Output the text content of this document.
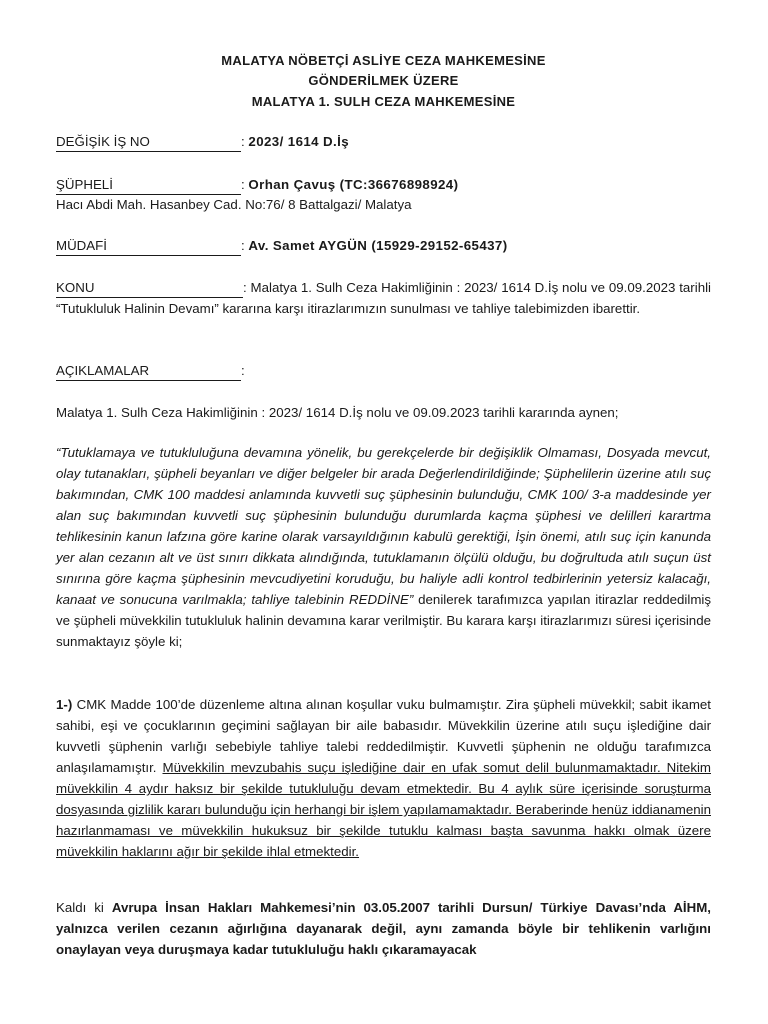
MALATYA NÖBETÇİ ASLİYE CEZA MAHKEMESİNE
GÖNDERİLMEK ÜZERE
MALATYA 1. SULH CEZA MAHKEMESİNE
DEĞİŞİK İŞ NO	: 2023/ 1614 D.İş
ŞÜPHELİ	: Orhan Çavuş (TC:36676898924)
Hacı Abdi Mah. Hasanbey Cad. No:76/ 8 Battalgazi/ Malatya
MÜDAFİ	: Av. Samet AYGÜN (15929-29152-65437)
KONU	: Malatya 1. Sulh Ceza Hakimliğinin : 2023/ 1614 D.İş nolu ve 09.09.2023 tarihli “Tutukluluk Halinin Devamı” kararına karşı itirazlarımızın sunulması ve tahliye talebimizden ibarettir.
AÇIKLAMALAR	:
Malatya 1. Sulh Ceza Hakimliğinin : 2023/ 1614 D.İş nolu ve 09.09.2023 tarihli kararında aynen;
“Tutuklamaya ve tutukluluğuna devamına yönelik, bu gerekçelerde bir değişiklik Olmaması, Dosyada mevcut, olay tutanakları, şüpheli beyanları ve diğer belgeler bir arada Değerlendirildiğinde; Şüphelilerin üzerine atılı suç bakımından, CMK 100 maddesi anlamında kuvvetli suç şüphesinin bulunduğu, CMK 100/ 3-a maddesinde yer alan suç bakımından kuvvetli suç şüphesinin bulunduğu durumlarda kaçma şüphesi ve delilleri karartma tehlikesinin kanun lafzına göre karine olarak varsayıldığının kabulü gerektiği, İşin önemi, atılı suç için kanunda yer alan cezanın alt ve üst sınırı dikkata alındığında, tutuklamanın ölçülü olduğu, bu doğrultuda atılı suçun üst sınırına göre kaçma şüphesinin mevcudiyetini koruduğu, bu haliyle adli kontrol tedbirlerinin yetersiz kalacağı, kanaat ve sonucuna varılmakla; tahliye talebinin REDDİNE” denilerek tarafımızca yapılan itirazlar reddedilmiş ve şüpheli müvekkilin tutukluluk halinin devamına karar verilmiştir. Bu karara karşı itirazlarımızı süresi içerisinde sunmaktayız şöyle ki;
1-) CMK Madde 100’de düzenleme altına alınan koşullar vuku bulmamıştır. Zira şüpheli müvekkil; sabit ikamet sahibi, eşi ve çocuklarının geçimini sağlayan bir aile babasıdır. Müvekkilin üzerine atılı suçu işlediğine dair kuvvetli şüphenin varlığı sebebiyle tahliye talebi reddedilmiştir. Kuvvetli şüphenin ne olduğu tarafımızca anlaşılamamıştır. Müvekkilin mevzubahis suçu işlediğine dair en ufak somut delil bulunmamaktadır. Nitekim müvekkilin 4 aydır haksız bir şekilde tutukluluğu devam etmektedir. Bu 4 aylık süre içerisinde soruşturma dosyasında gizlilik kararı bulunduğu için herhangi bir işlem yapılamamaktadır. Beraberinde henüz iddianamenin hazırlanmaması ve müvekkilin hukuksuz bir şekilde tutuklu kalması başta savunma hakkı olmak üzere müvekkilin haklarını ağır bir şekilde ihlal etmektedir.
Kaldı ki Avrupa İnsan Hakları Mahkemesi’nin 03.05.2007 tarihli Dursun/ Türkiye Davası’nda AİHM, yalnızca verilen cezanın ağırlığına dayanarak değil, aynı zamanda böyle bir tehlikenin varlığını onaylayan veya duruşmaya kadar tutukluluğu haklı çıkaramayacak
